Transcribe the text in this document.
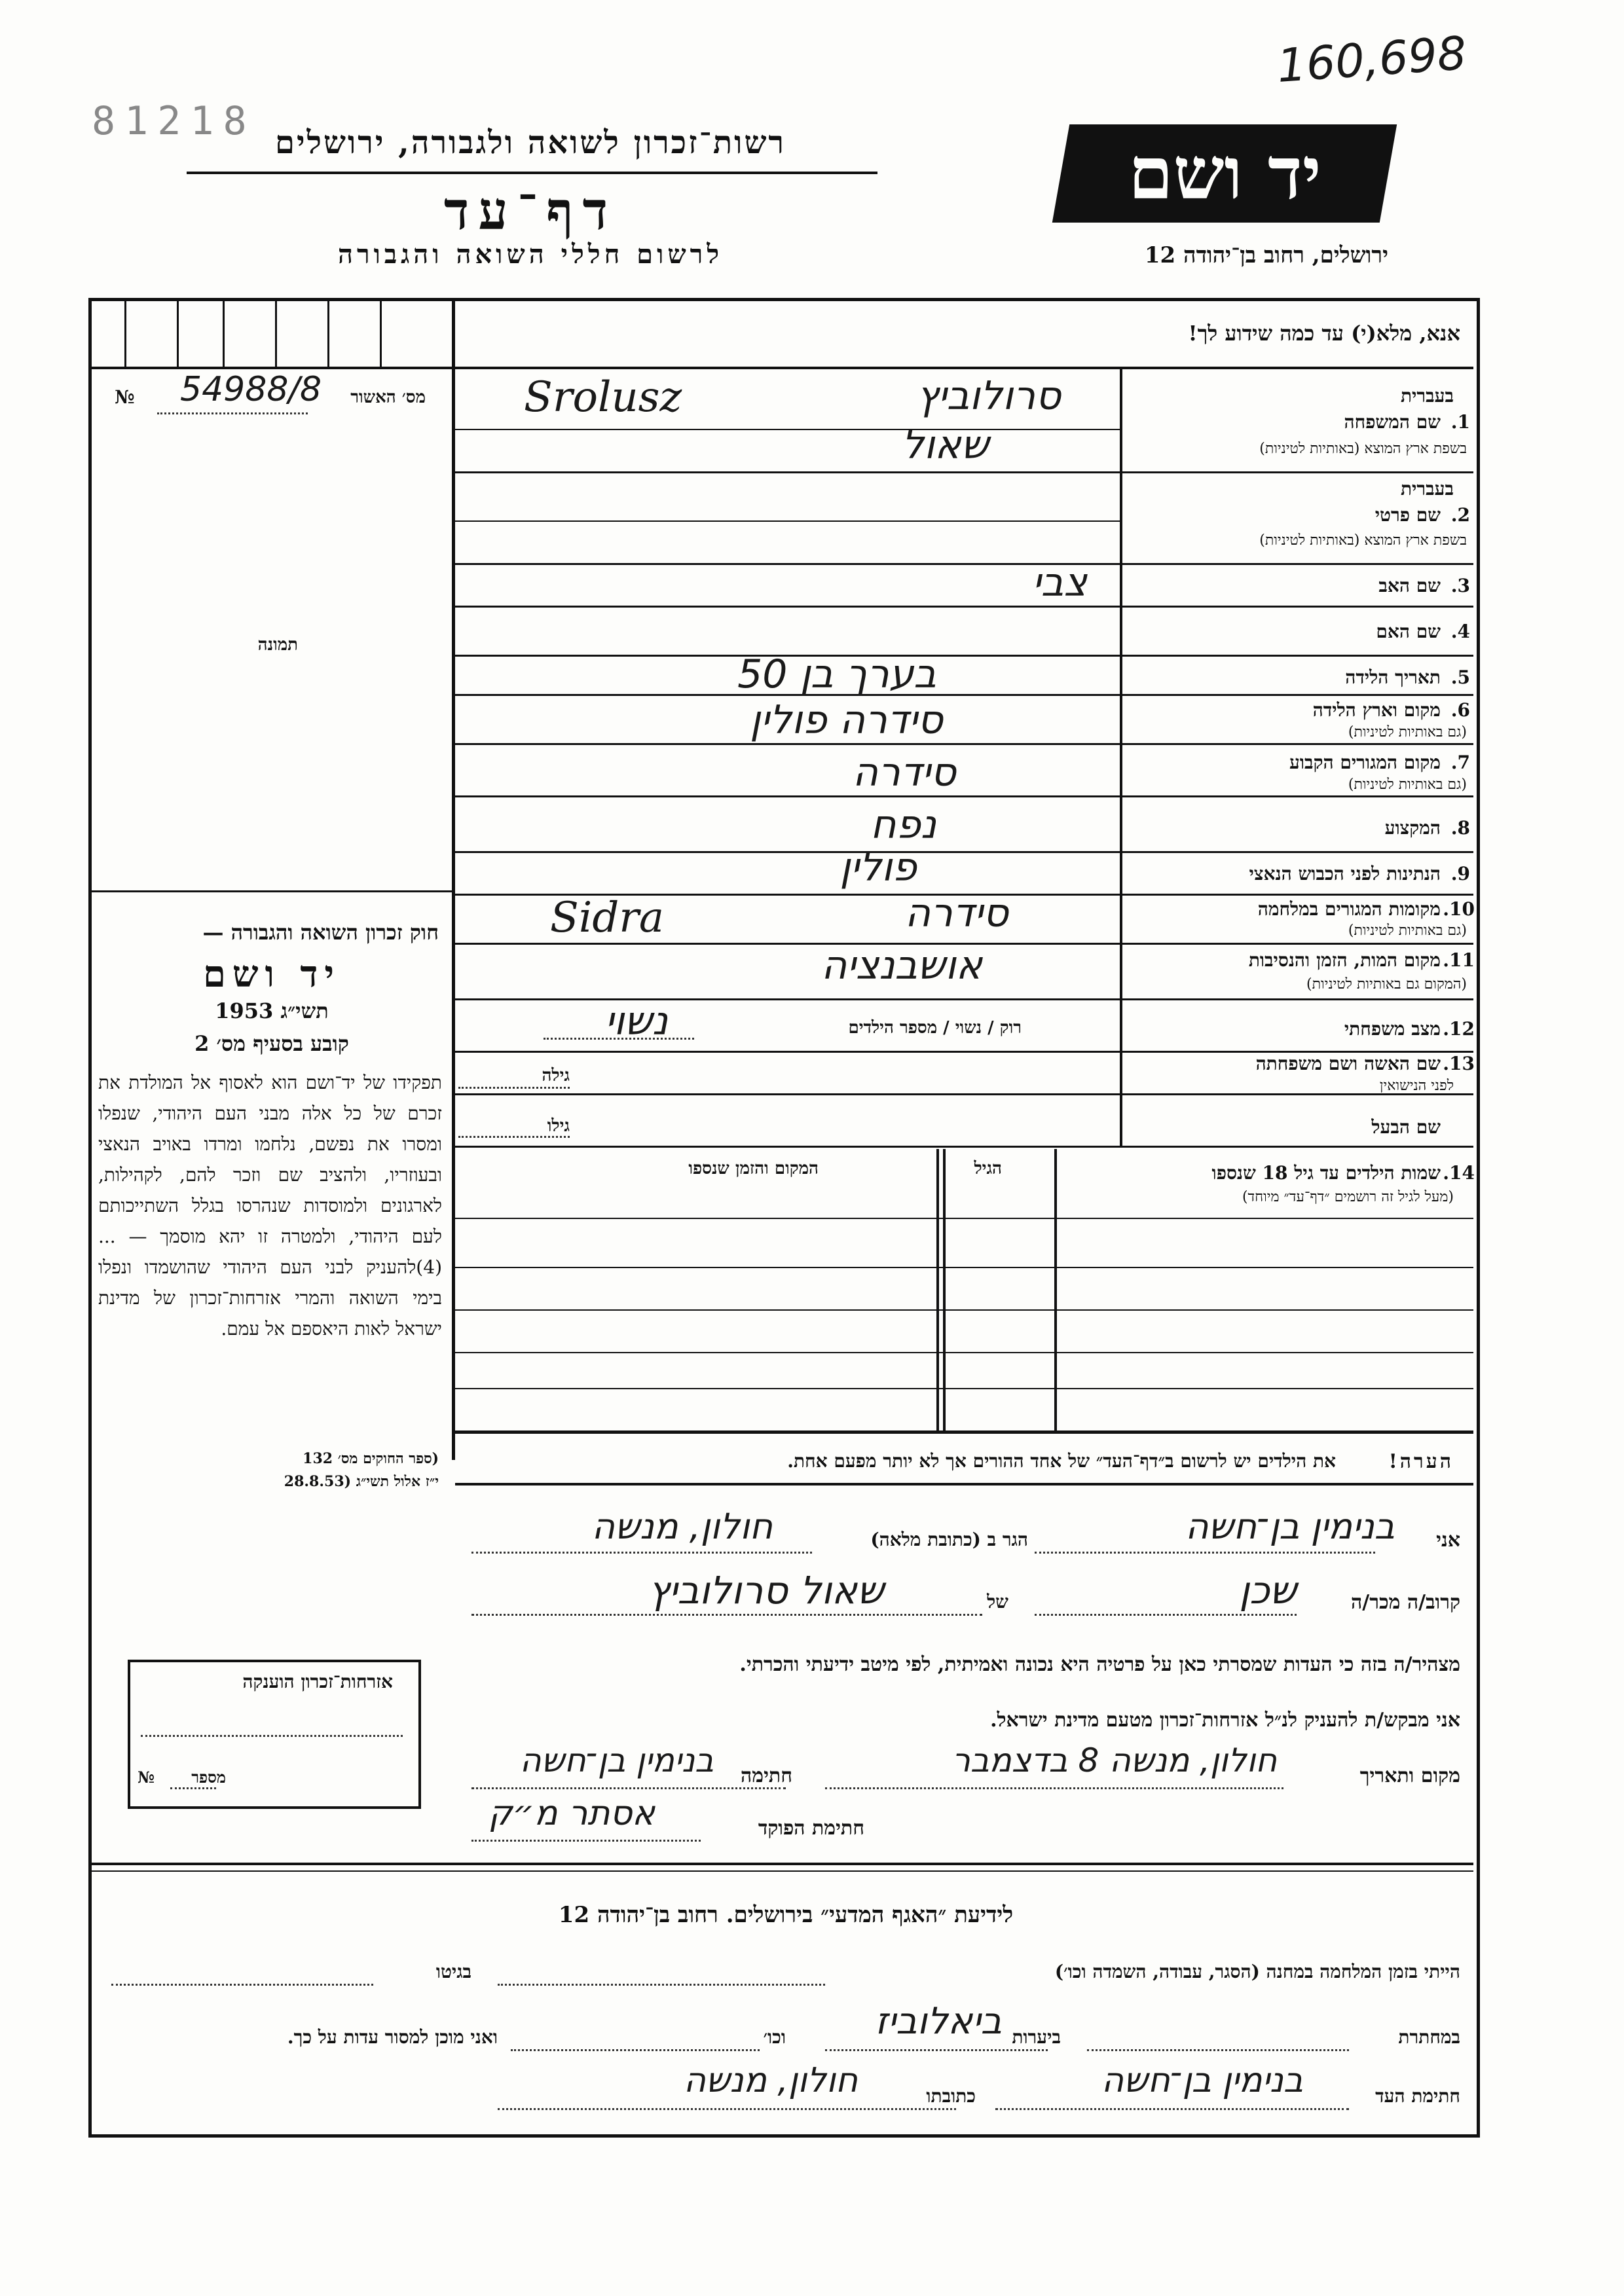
160,698
81218
יד ושם
רשות־זכרון לשואה ולגבורה, ירושלים
דף־עד
לרשום חללי השואה והגבורה	ירושלים, רחוב בן־יהודה 12
אנא, מלא(י) עד כמה שידוע לך!
מס׳ האשור
№ 54988/8
תמונה
חוק זכרון השואה והגבורה —
יד ושם
תשי״ג 1953
קובע בסעיף מס׳ 2
תפקידו של יד־ושם הוא לאסוף אל המולדת את זכרם של כל אלה מבני העם היהודי, שנפלו ומסרו את נפשם, נלחמו ומרדו באויב הנאצי ובעוזריו, ולהציב שם וזכר להם, לקהילות, לארגונים ולמוסדות שנהרסו בגלל השתייכותם לעם היהודי, ולמטרה זו יהא מוסמך — ...(4)להעניק לבני העם היהודי שהושמדו ונפלו בימי השואה והמרי אזרחות־זכרון של מדינת ישראל לאות היאספם אל עמם.
(ספר החוקים מס׳ 132
י״ז אלול תשי״ג (28.8.53
בעברית
1.
שם המשפחה
בשפת ארץ המוצא (באותיות לטיניות)
סרולוביץ
Srolusz
שאול
בעברית
2.
שם פרטי
בשפת ארץ המוצא (באותיות לטיניות)
3.
שם האב
צבי
4.
שם האם
5.
תאריך הלידה
בערך בן 50
6.
מקום וארץ הלידה
(גם באותיות לטיניות)
סידרה פולין
7.
מקום המגורים הקבוע
(גם באותיות לטיניות)
סידרה
8.
המקצוע
נפח
9.
הנתינות לפני הכבוש הנאצי
פולין
10.
מקומות המגורים במלחמה
(גם באותיות לטיניות)
סידרה
Sidra
11.
מקום המות, הזמן והנסיבות
(המקום גם באותיות לטיניות)
אושבנציה
12.
מצב משפחתי
רוק / נשוי / מספר הילדים
נשוי
13.
שם האשה ושם משפחתה
לפני הנישואין
גילה
שם הבעל
גילו
14.
שמות הילדים עד גיל 18 שנספו
(מעל לגיל זה רושמים ״דף־עד״ מיוחד)
הגיל
המקום והזמן שנספו
הערה!
את הילדים יש לרשום ב״דף־העד״ של אחד ההורים אך לא יותר מפעם אחת.
אני
בנימין בן־חשה
הגר ב (כתובת מלאה)
חולון, מנשה
קרוב/ה מכר/ה
שכן
של
שאול סרולוביץ
מצהיר/ה בזה כי העדות שמסרתי כאן על פרטיה היא נכונה ואמיתית, לפי מיטב ידיעתי והכרתי.
אני מבקש/ת להעניק לנ״ל אזרחות־זכרון מטעם מדינת ישראל.
מקום ותאריך
חולון, מנשה 8 בדצמבר
חתימה
בנימין בן־חשה
חתימת הפוקד
אסתר מ״ק
אזרחות־זכרון הוענקה
מספר
№
לידיעת ״האגף המדעי״ בירושלים. רחוב בן־יהודה 12
הייתי בזמן המלחמה במחנה (הסגר, עבודה, השמדה וכו׳)
בגיטו
במחתרת
ביערות
ביאלוביז
וכו׳
ואני מוכן למסור עדות על כך.
חתימת העד
בנימין בן־חשה
כתובתו
חולון, מנשה
